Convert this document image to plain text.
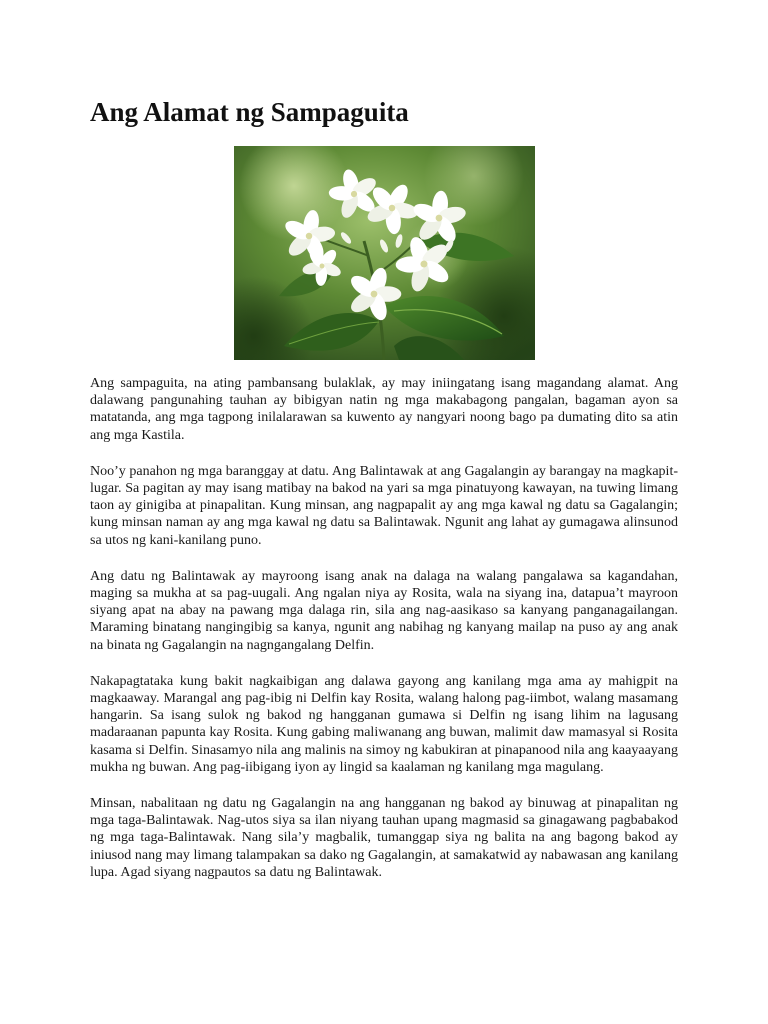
Ang Alamat ng Sampaguita

Ang sampaguita, na ating pambansang bulaklak, ay may iniingatang isang magandang alamat. Ang dalawang pangunahing tauhan ay bibigyan natin ng mga makabagong pangalan, bagaman ayon sa matatanda, ang mga tagpong inilalarawan sa kuwento ay nangyari noong bago pa dumating dito sa atin ang mga Kastila.

Noo’y panahon ng mga baranggay at datu. Ang Balintawak at ang Gagalangin ay barangay na magkapit-lugar. Sa pagitan ay may isang matibay na bakod na yari sa mga pinatuyong kawayan, na tuwing limang taon ay ginigiba at pinapalitan. Kung minsan, ang nagpapalit ay ang mga kawal ng datu sa Gagalangin; kung minsan naman ay ang mga kawal ng datu sa Balintawak. Ngunit ang lahat ay gumagawa alinsunod sa utos ng kani-kanilang puno.

Ang datu ng Balintawak ay mayroong isang anak na dalaga na walang pangalawa sa kagandahan, maging sa mukha at sa pag-uugali. Ang ngalan niya ay Rosita, wala na siyang ina, datapua’t mayroon siyang apat na abay na pawang mga dalaga rin, sila ang nag-aasikaso sa kanyang panganagailangan. Maraming binatang nangingibig sa kanya, ngunit ang nabihag ng kanyang mailap na puso ay ang anak na binata ng Gagalangin na nagngangalang Delfin.

Nakapagtataka kung bakit nagkaibigan ang dalawa gayong ang kanilang mga ama ay mahigpit na magkaaway. Marangal ang pag-ibig ni Delfin kay Rosita, walang halong pag-iimbot, walang masamang hangarin. Sa isang sulok ng bakod ng hangganan gumawa si Delfin ng isang lihim na lagusang madaraanan papunta kay Rosita. Kung gabing maliwanang ang buwan, malimit daw mamasyal si Rosita kasama si Delfin. Sinasamyo nila ang malinis na simoy ng kabukiran at pinapanood nila ang kaayaayang mukha ng buwan. Ang pag-iibigang iyon ay lingid sa kaalaman ng kanilang mga magulang.

Minsan, nabalitaan ng datu ng Gagalangin na ang hangganan ng bakod ay binuwag at pinapalitan ng mga taga-Balintawak. Nag-utos siya sa ilan niyang tauhan upang magmasid sa ginagawang pagbabakod ng mga taga-Balintawak. Nang sila’y magbalik, tumanggap siya ng balita na ang bagong bakod ay iniusod nang may limang talampakan sa dako ng Gagalangin, at samakatwid ay nabawasan ang kanilang lupa. Agad siyang nagpautos sa datu ng Balintawak.
